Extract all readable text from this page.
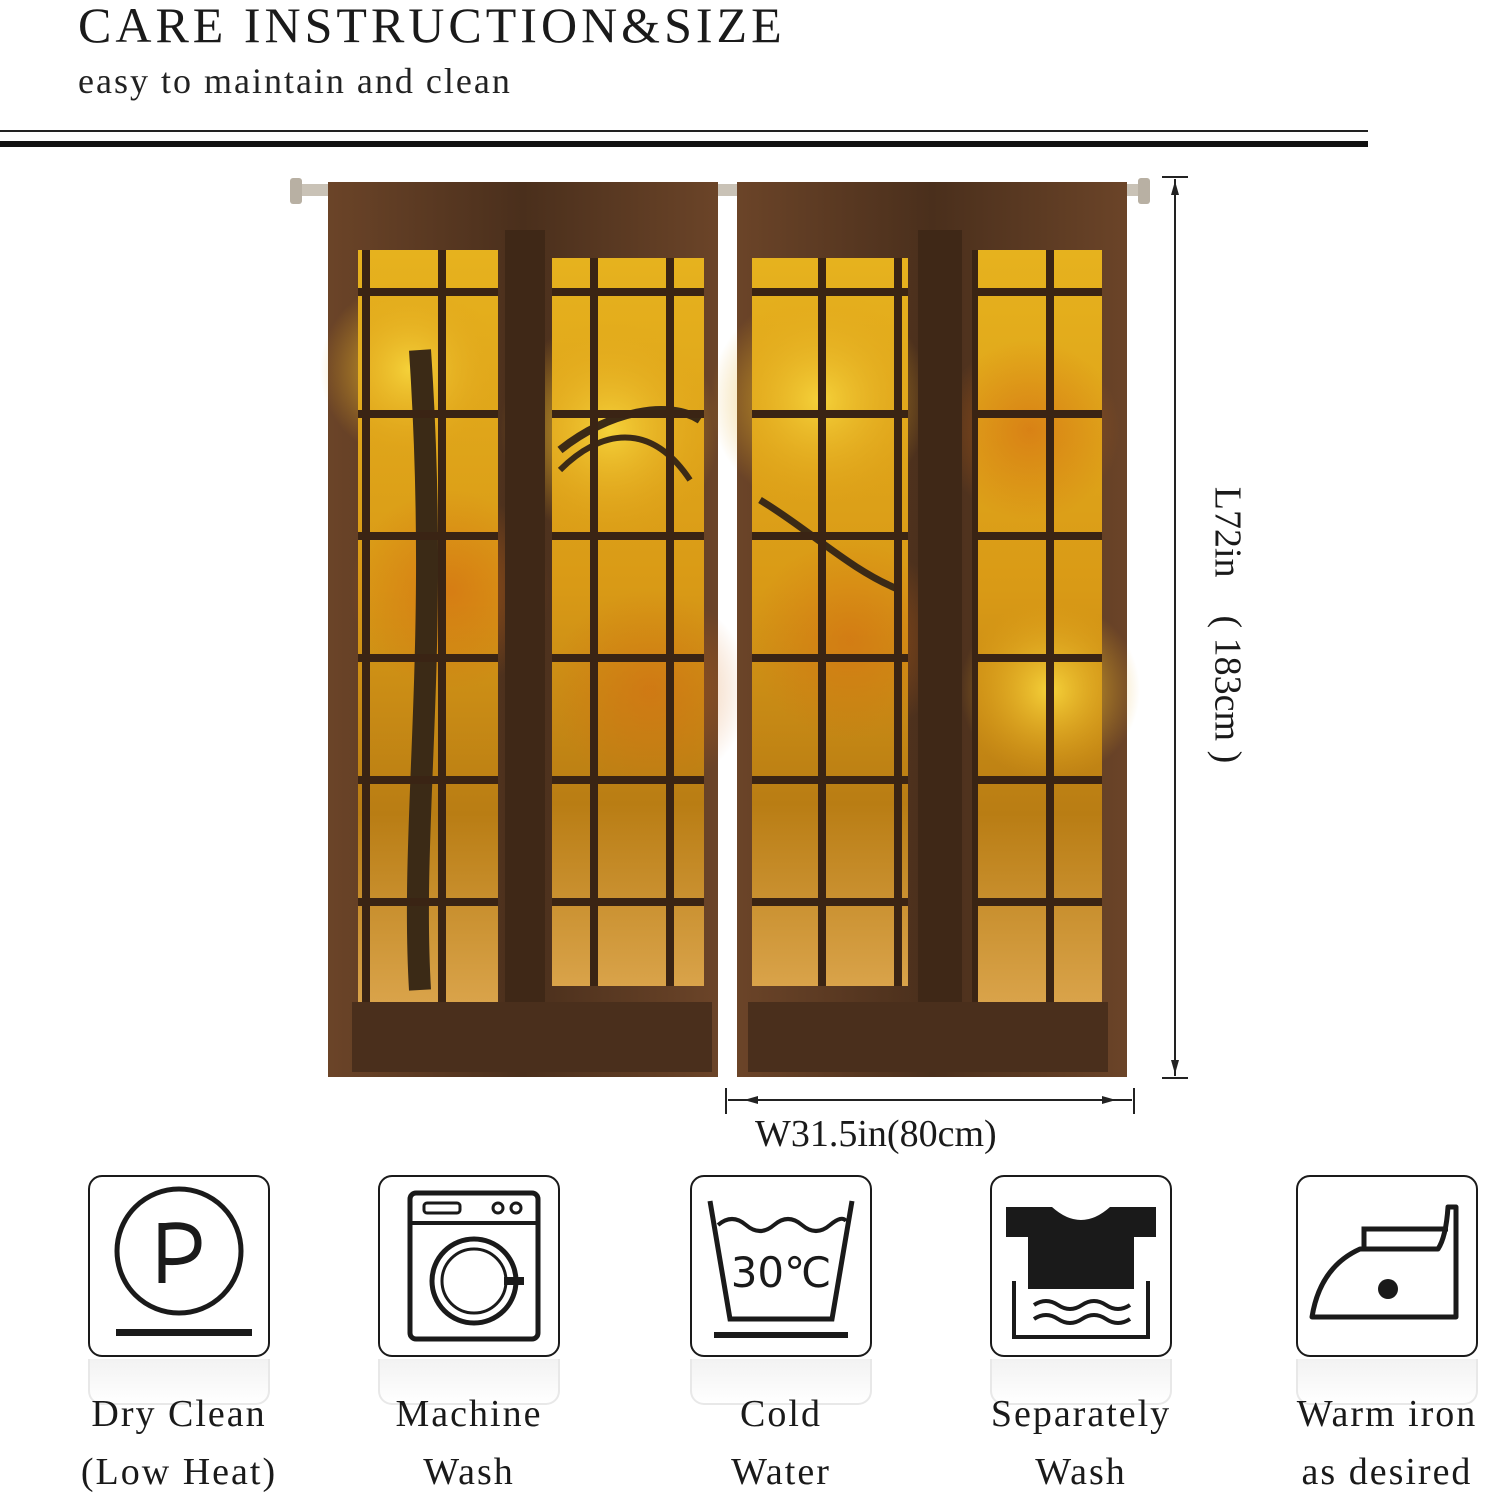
CARE INSTRUCTION&SIZE
easy to maintain and clean
L72in　( 183cm )
W31.5in(80cm)
Dry Clean
(Low Heat)
Machine
Wash
30℃
Cold
Water
Separately
Wash
Warm iron
as desired
